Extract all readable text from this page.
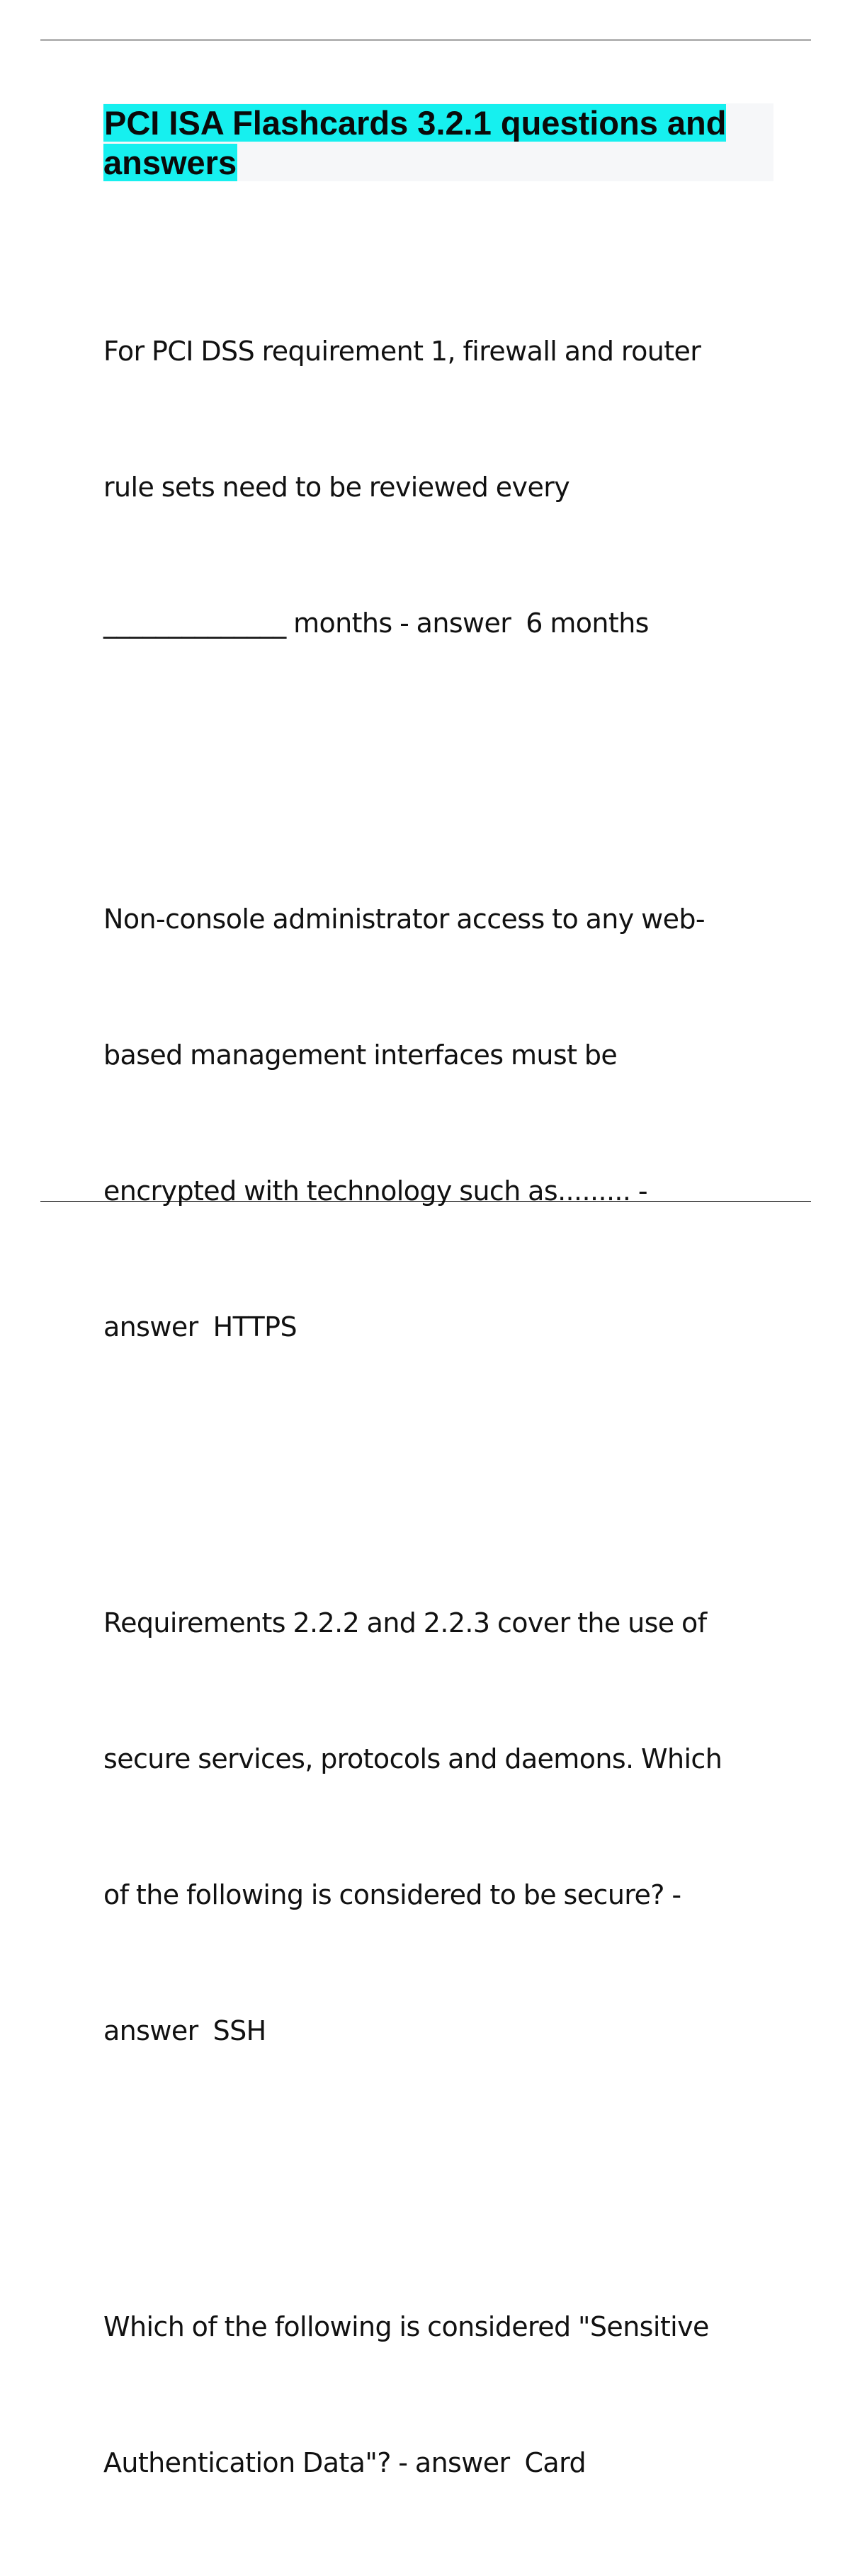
PCI ISA Flashcards 3.2.1 questions and answers

For PCI DSS requirement 1, firewall and router

rule sets need to be reviewed every

______________ months - answer  6 months

Non-console administrator access to any web-

based management interfaces must be

encrypted with technology such as......... -

answer  HTTPS

Requirements 2.2.2 and 2.2.3 cover the use of

secure services, protocols and daemons. Which

of the following is considered to be secure? -

answer  SSH

Which of the following is considered "Sensitive

Authentication Data"? - answer  Card
